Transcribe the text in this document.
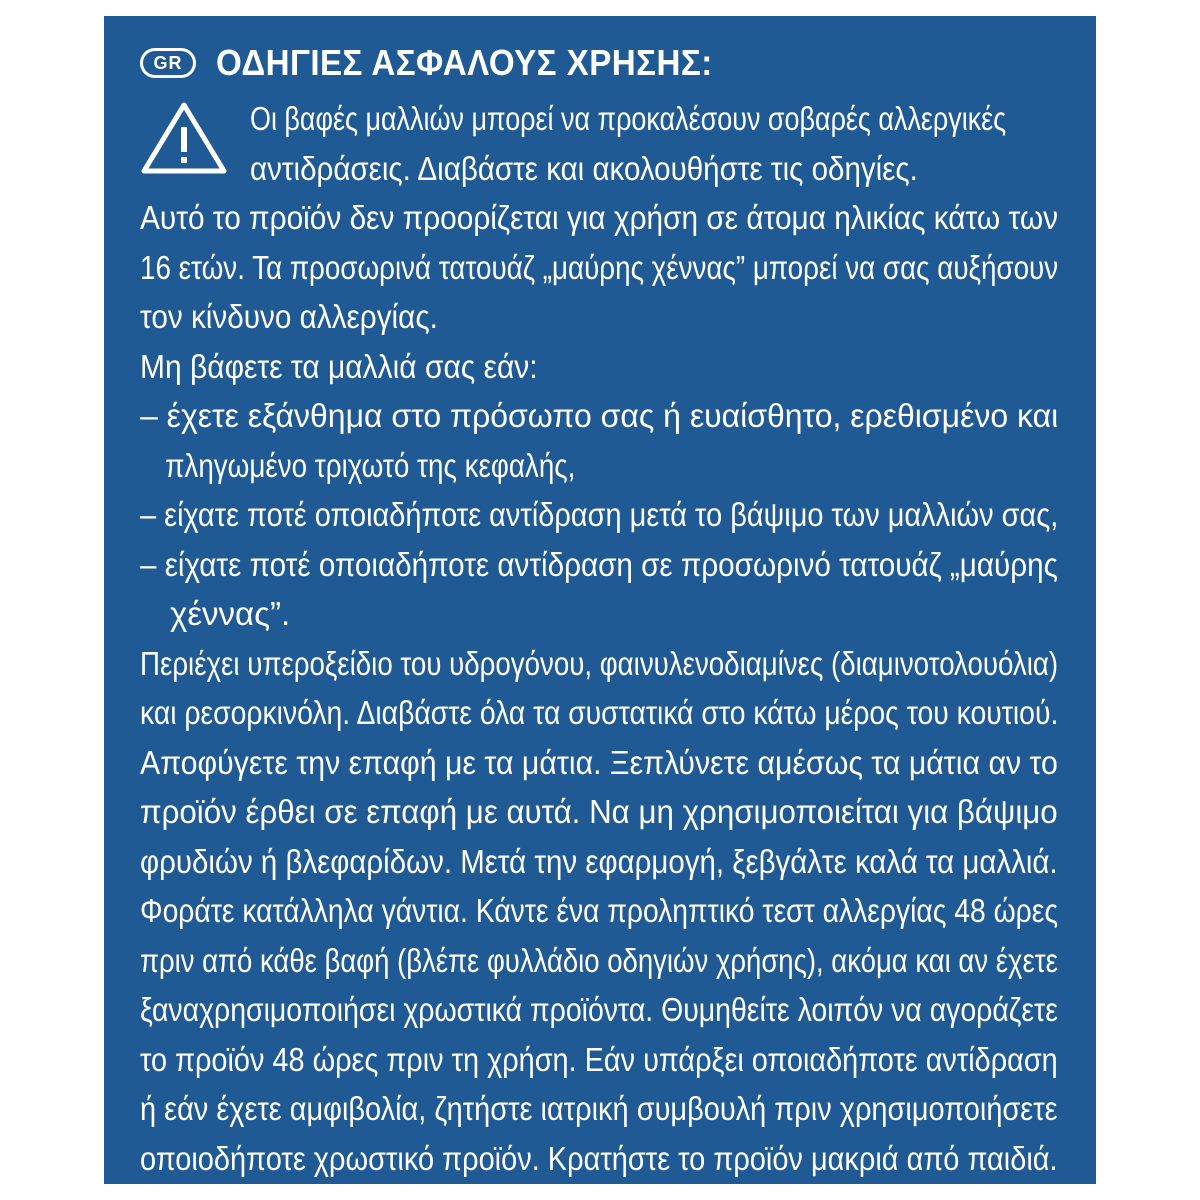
GR ΟΔΗΓΙΕΣ ΑΣΦΑΛΟΥΣ ΧΡΗΣΗΣ:
Οι βαφές μαλλιών μπορεί να προκαλέσουν σοβαρές αλλεργικές
αντιδράσεις. Διαβάστε και ακολουθήστε τις οδηγίες.
Αυτό το προϊόν δεν προορίζεται για χρήση σε άτομα ηλικίας κάτω των
16 ετών. Τα προσωρινά τατουάζ „μαύρης χέννας” μπορεί να σας αυξήσουν
τον κίνδυνο αλλεργίας.
Μη βάφετε τα μαλλιά σας εάν:
– έχετε εξάνθημα στο πρόσωπο σας ή ευαίσθητο, ερεθισμένο και
πληγωμένο τριχωτό της κεφαλής,
– είχατε ποτέ οποιαδήποτε αντίδραση μετά το βάψιμο των μαλλιών σας,
– είχατε ποτέ οποιαδήποτε αντίδραση σε προσωρινό τατουάζ „μαύρης
χέννας”.
Περιέχει υπεροξείδιο του υδρογόνου, φαινυλενοδιαμίνες (διαμινοτολουόλια)
και ρεσορκινόλη. Διαβάστε όλα τα συστατικά στο κάτω μέρος του κουτιού.
Αποφύγετε την επαφή με τα μάτια. Ξεπλύνετε αμέσως τα μάτια αν το
προϊόν έρθει σε επαφή με αυτά. Να μη χρησιμοποιείται για βάψιμο
φρυδιών ή βλεφαρίδων. Μετά την εφαρμογή, ξεβγάλτε καλά τα μαλλιά.
Φοράτε κατάλληλα γάντια. Κάντε ένα προληπτικό τεστ αλλεργίας 48 ώρες
πριν από κάθε βαφή (βλέπε φυλλάδιο οδηγιών χρήσης), ακόμα και αν έχετε
ξαναχρησιμοποιήσει χρωστικά προϊόντα. Θυμηθείτε λοιπόν να αγοράζετε
το προϊόν 48 ώρες πριν τη χρήση. Εάν υπάρξει οποιαδήποτε αντίδραση
ή εάν έχετε αμφιβολία, ζητήστε ιατρική συμβουλή πριν χρησιμοποιήσετε
οποιοδήποτε χρωστικό προϊόν. Κρατήστε το προϊόν μακριά από παιδιά.
